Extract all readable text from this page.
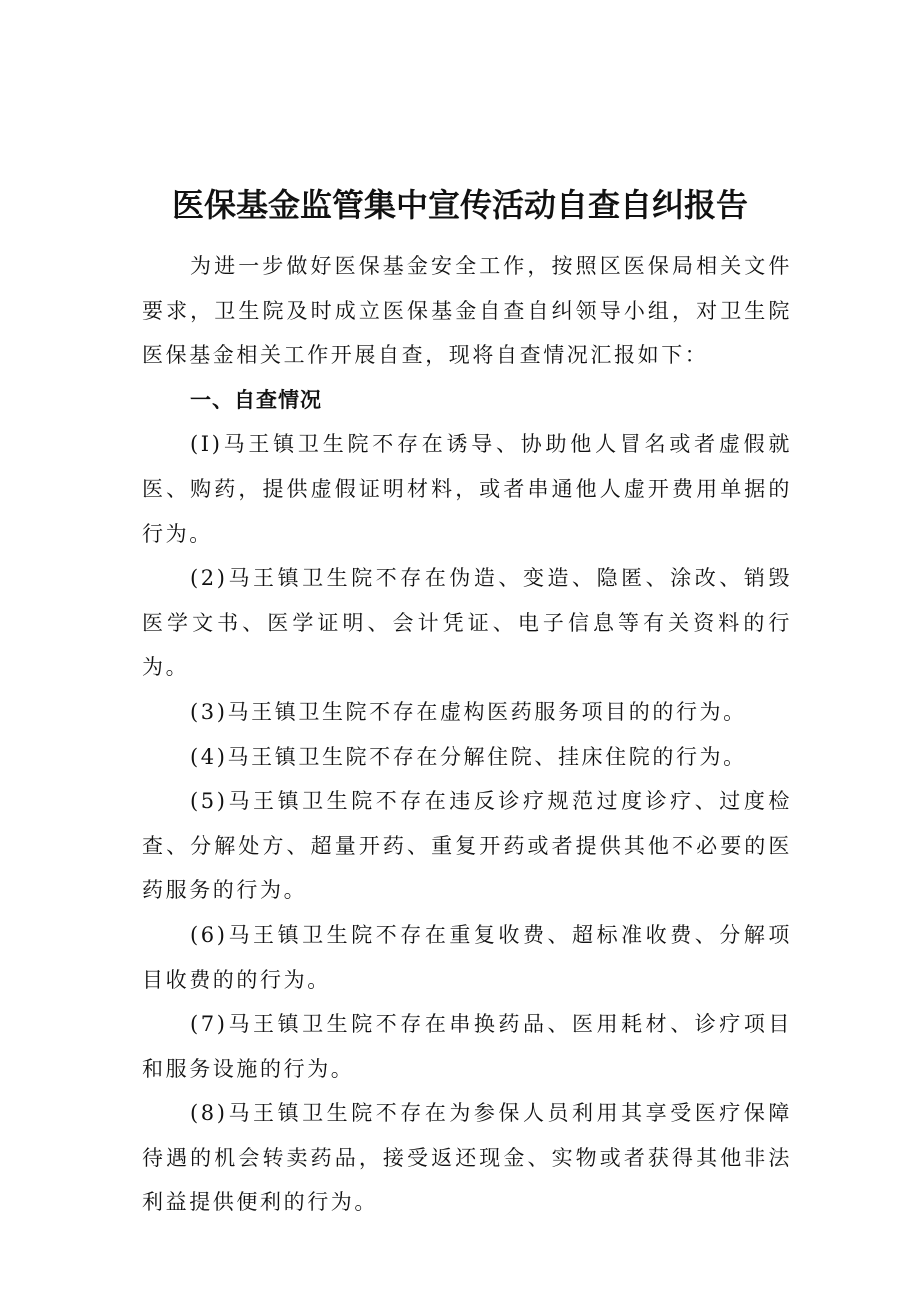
医保基金监管集中宣传活动自查自纠报告

为进一步做好医保基金安全工作，按照区医保局相关文件要求，卫生院及时成立医保基金自查自纠领导小组，对卫生院医保基金相关工作开展自查，现将自查情况汇报如下：

一、自查情况

(I)马王镇卫生院不存在诱导、协助他人冒名或者虚假就医、购药，提供虚假证明材料，或者串通他人虚开费用单据的行为。

(2)马王镇卫生院不存在伪造、变造、隐匿、涂改、销毁医学文书、医学证明、会计凭证、电子信息等有关资料的行为。

(3)马王镇卫生院不存在虚构医药服务项目的的行为。

(4)马王镇卫生院不存在分解住院、挂床住院的行为。

(5)马王镇卫生院不存在违反诊疗规范过度诊疗、过度检查、分解处方、超量开药、重复开药或者提供其他不必要的医药服务的行为。

(6)马王镇卫生院不存在重复收费、超标准收费、分解项目收费的的行为。

(7)马王镇卫生院不存在串换药品、医用耗材、诊疗项目和服务设施的行为。

(8)马王镇卫生院不存在为参保人员利用其享受医疗保障待遇的机会转卖药品，接受返还现金、实物或者获得其他非法利益提供便利的行为。
